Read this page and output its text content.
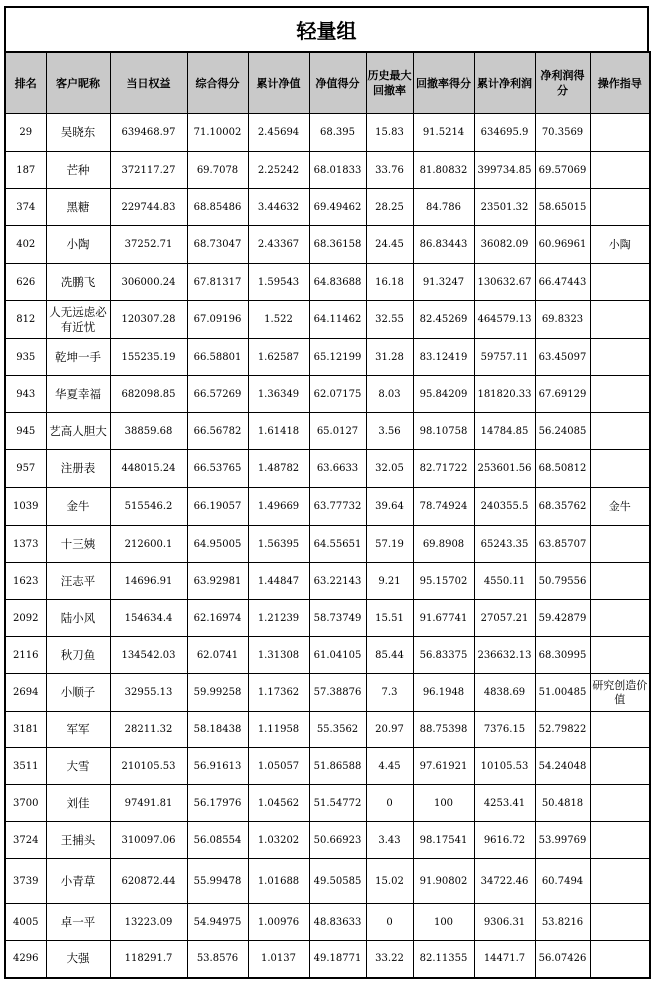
轻量组
排名	客户昵称	当日权益	综合得分	累计净值	净值得分	历史最大回撤率	回撤率得分	累计净利润	净利润得分	操作指导
29	吴晓东	639468.97	71.10002	2.45694	68.395	15.83	91.5214	634695.9	70.3569	
187	芒种	372117.27	69.7078	2.25242	68.01833	33.76	81.80832	399734.85	69.57069	
374	黑糖	229744.83	68.85486	3.44632	69.49462	28.25	84.786	23501.32	58.65015	
402	小陶	37252.71	68.73047	2.43367	68.36158	24.45	86.83443	36082.09	60.96961	小陶
626	冼鹏飞	306000.24	67.81317	1.59543	64.83688	16.18	91.3247	130632.67	66.47443	
812	人无远虑必有近忧	120307.28	67.09196	1.522	64.11462	32.55	82.45269	464579.13	69.8323	
935	乾坤一手	155235.19	66.58801	1.62587	65.12199	31.28	83.12419	59757.11	63.45097	
943	华夏幸福	682098.85	66.57269	1.36349	62.07175	8.03	95.84209	181820.33	67.69129	
945	艺高人胆大	38859.68	66.56782	1.61418	65.0127	3.56	98.10758	14784.85	56.24085	
957	注册表	448015.24	66.53765	1.48782	63.6633	32.05	82.71722	253601.56	68.50812	
1039	金牛	515546.2	66.19057	1.49669	63.77732	39.64	78.74924	240355.5	68.35762	金牛
1373	十三姨	212600.1	64.95005	1.56395	64.55651	57.19	69.8908	65243.35	63.85707	
1623	汪志平	14696.91	63.92981	1.44847	63.22143	9.21	95.15702	4550.11	50.79556	
2092	陆小风	154634.4	62.16974	1.21239	58.73749	15.51	91.67741	27057.21	59.42879	
2116	秋刀鱼	134542.03	62.0741	1.31308	61.04105	85.44	56.83375	236632.13	68.30995	
2694	小顺子	32955.13	59.99258	1.17362	57.38876	7.3	96.1948	4838.69	51.00485	研究创造价值
3181	军军	28211.32	58.18438	1.11958	55.3562	20.97	88.75398	7376.15	52.79822	
3511	大雪	210105.53	56.91613	1.05057	51.86588	4.45	97.61921	10105.53	54.24048	
3700	刘佳	97491.81	56.17976	1.04562	51.54772	0	100	4253.41	50.4818	
3724	王捕头	310097.06	56.08554	1.03202	50.66923	3.43	98.17541	9616.72	53.99769	
3739	小青草	620872.44	55.99478	1.01688	49.50585	15.02	91.90802	34722.46	60.7494	
4005	卓一平	13223.09	54.94975	1.00976	48.83633	0	100	9306.31	53.8216	
4296	大强	118291.7	53.8576	1.0137	49.18771	33.22	82.11355	14471.7	56.07426	
